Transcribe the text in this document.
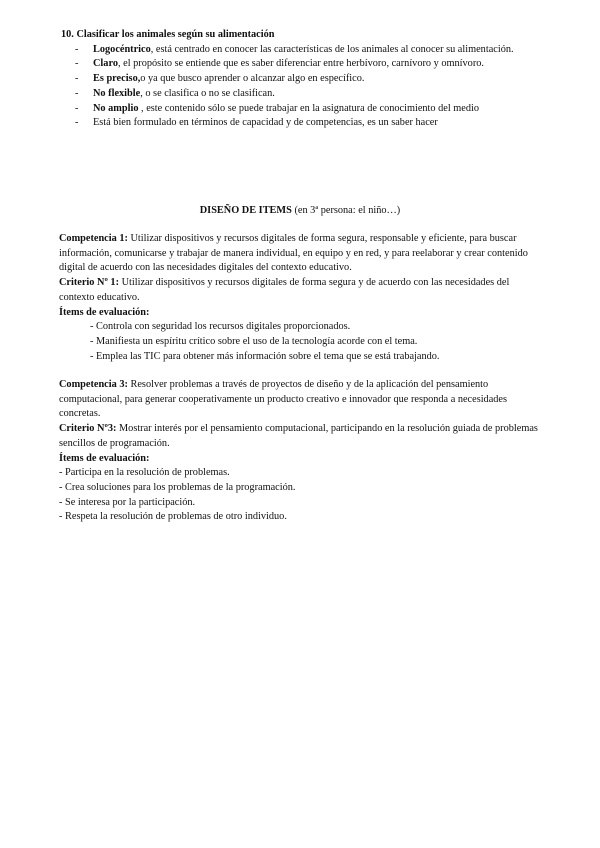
10. Clasificar los animales según su alimentación
- Logocéntrico, está centrado en conocer las características de los animales al conocer su alimentación.
- Claro, el propósito se entiende que es saber diferenciar entre herbívoro, carnívoro y omnívoro.
- Es preciso,o ya que busco aprender o alcanzar algo en específico.
- No flexible, o se clasifica o no se clasifican.
- No amplio , este contenido sólo se puede trabajar en la asignatura de conocimiento del medio
- Está bien formulado en términos de capacidad y de competencias, es un saber hacer
DISEÑO DE ITEMS (en 3ª persona: el niño…)
Competencia 1: Utilizar dispositivos y recursos digitales de forma segura, responsable y eficiente, para buscar información, comunicarse y trabajar de manera individual, en equipo y en red, y para reelaborar y crear contenido digital de acuerdo con las necesidades digitales del contexto educativo.
Criterio Nº 1: Utilizar dispositivos y recursos digitales de forma segura y de acuerdo con las necesidades del contexto educativo.
Ítems de evaluación:
- Controla con seguridad los recursos digitales proporcionados.
- Manifiesta un espíritu crítico sobre el uso de la tecnología acorde con el tema.
- Emplea las TIC para obtener más información sobre el tema que se está trabajando.
Competencia 3: Resolver problemas a través de proyectos de diseño y de la aplicación del pensamiento computacional, para generar cooperativamente un producto creativo e innovador que responda a necesidades concretas.
Criterio Nº3: Mostrar interés por el pensamiento computacional, participando en la resolución guiada de problemas sencillos de programación.
Ítems de evaluación:
- Participa en la resolución de problemas.
- Crea soluciones para los problemas de la programación.
- Se interesa por la participación.
- Respeta la resolución de problemas de otro individuo.
